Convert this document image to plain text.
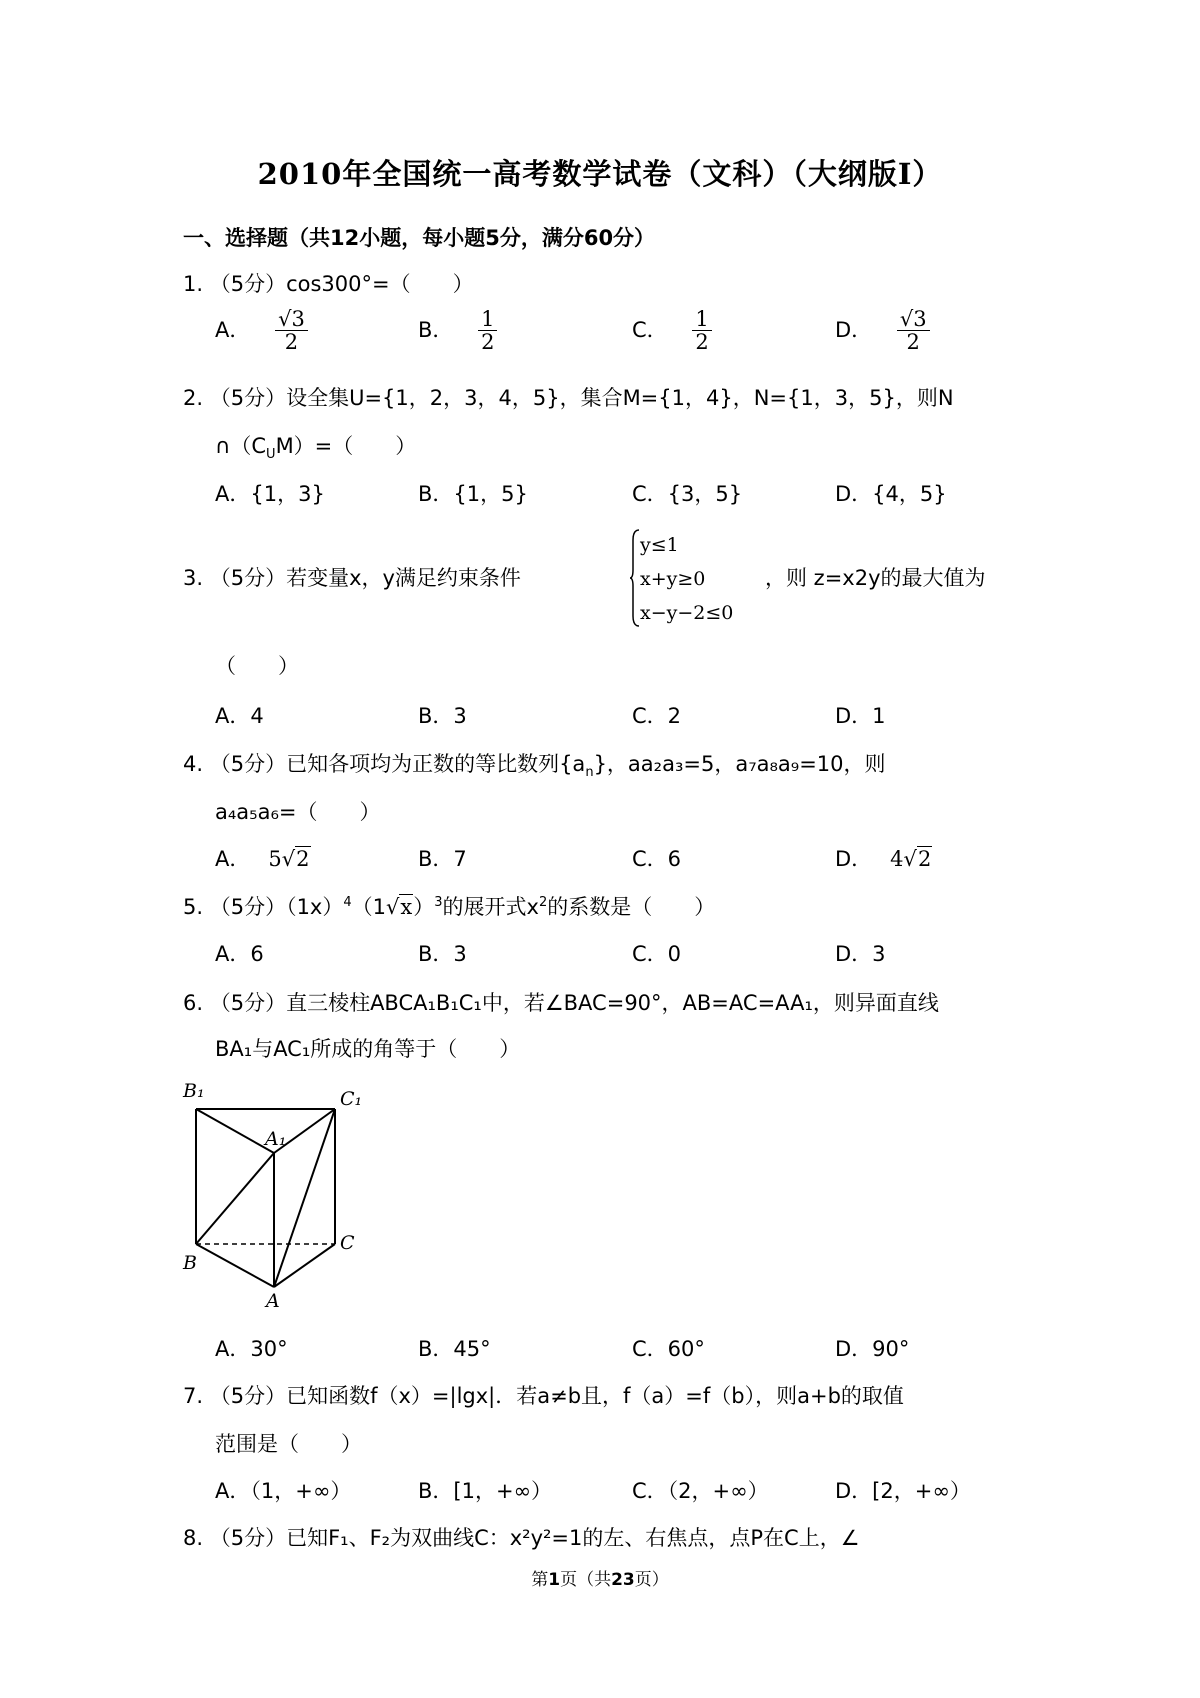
2010年全国统一高考数学试卷（文科）（大纲版Ⅰ）
一、选择题（共12小题，每小题5分，满分60分）
1. （5分）cos300°=（　　）
A． $\frac{√3}{2}$	B． $\frac{1}{2}$	C． $\frac{1}{2}$	D． $\frac{√3}{2}$
2. （5分）设全集U={1，2，3，4，5}，集合M={1，4}，N={1，3，5}，则N
$\cap(C_UM)=$（　　）
A．{1，3}	B．{1，5}	C．{3，5}	D．{4，5}
3. （5分）若变量x，y满足约束条件
y≤1
x+y≥0
x−y−2≤0
，则 z=x2y的最大值为
（　　）
A．4	B．3	C．2	D．1
4. （5分）已知各项均为正数的等比数列$\{a_n\}$，aa₂a₃=5，a₇a₈a₉=10，则
a₄a₅a₆=（　　）
A． 5√2	B．7	C．6	D． 4√2
5. （5分）$(1x)^4(1√x)^3$的展开式$x^2$的系数是（　　）
A．6	B．3	C．0	D．3
6. （5分）直三棱柱ABCA₁B₁C₁中，若∠BAC=90°，AB=AC=AA₁，则异面直线
BA₁与AC₁所成的角等于（　　）
B₁	C₁
A₁
B
C
A
A．30°	B．45°	C．60°	D．90°
7. （5分）已知函数f（x）=|lgx|．若a≠b且，f（a）=f（b），则a+b的取值
范围是（　　）
A．（1，+∞）	B．[1，+∞）	C．（2，+∞）	D．[2，+∞）
8. （5分）已知F₁、F₂为双曲线C：x²y²=1的左、右焦点，点P在C上，∠
第1页（共23页）
